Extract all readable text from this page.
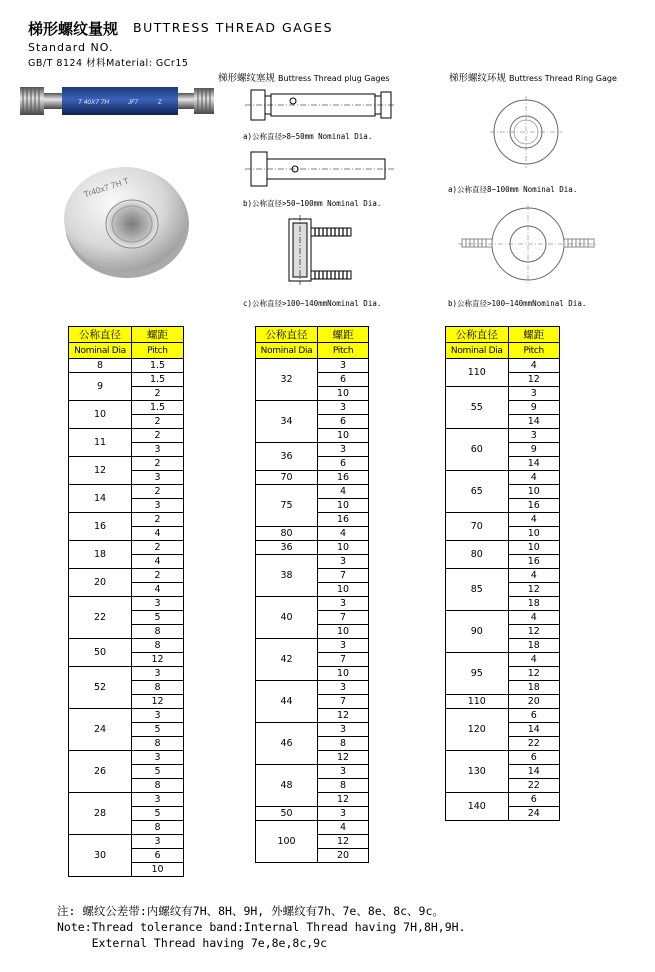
梯形螺纹量规 BUTTRESS THREAD GAGES
Standard NO.
GB/T 8124 材料Material: GCr15
T 40X7 7H	JF7	Z
Tr40x7 7H T
梯形螺纹塞规 Buttress Thread plug Gages
a)公称直径>8~50mm Nominal Dia.
b)公称直径>50~100mm Nominal Dia.
c)公称直径>100~140mmNominal Dia.
梯形螺纹环规 Buttress Thread Ring Gage
a)公称直径8~100mm Nominal Dia.
b)公称直径>100~140mmNominal Dia.
公称直径	螺距
Nominal Dia	Pitch
8	1.5
9	1.5
	2
10	1.5
	2
11	2
	3
12	2
	3
14	2
	3
16	2
	4
18	2
	4
20	2
	4
22	3
	5
	8
50	8
	12
52	3
	8
	12
24	3
	5
	8
26	3
	5
	8
28	3
	5
	8
30	3
	6
	10
公称直径	螺距
Nominal Dia	Pitch
32	3
	6
	10
34	3
	6
	10
36	3
	6
70	16
75	4
	10
	16
80	4
36	10
38	3
	7
	10
40	3
	7
	10
42	3
	7
	10
44	3
	7
	12
46	3
	8
	12
48	3
	8
	12
50	3
100	4
	12
	20
公称直径	螺距
Nominal Dia	Pitch
110	4
	12
55	3
	9
	14
60	3
	9
	14
65	4
	10
	16
70	4
	10
80	10
	16
85	4
	12
	18
90	4
	12
	18
95	4
	12
	18
110	20
120	6
	14
	22
130	6
	14
	22
140	6
	24
注: 螺纹公差带:内螺纹有7H、8H、9H, 外螺纹有7h、7e、8e、8c、9c。
Note:Thread tolerance band:Internal Thread having 7H,8H,9H.
External Thread having 7e,8e,8c,9c
